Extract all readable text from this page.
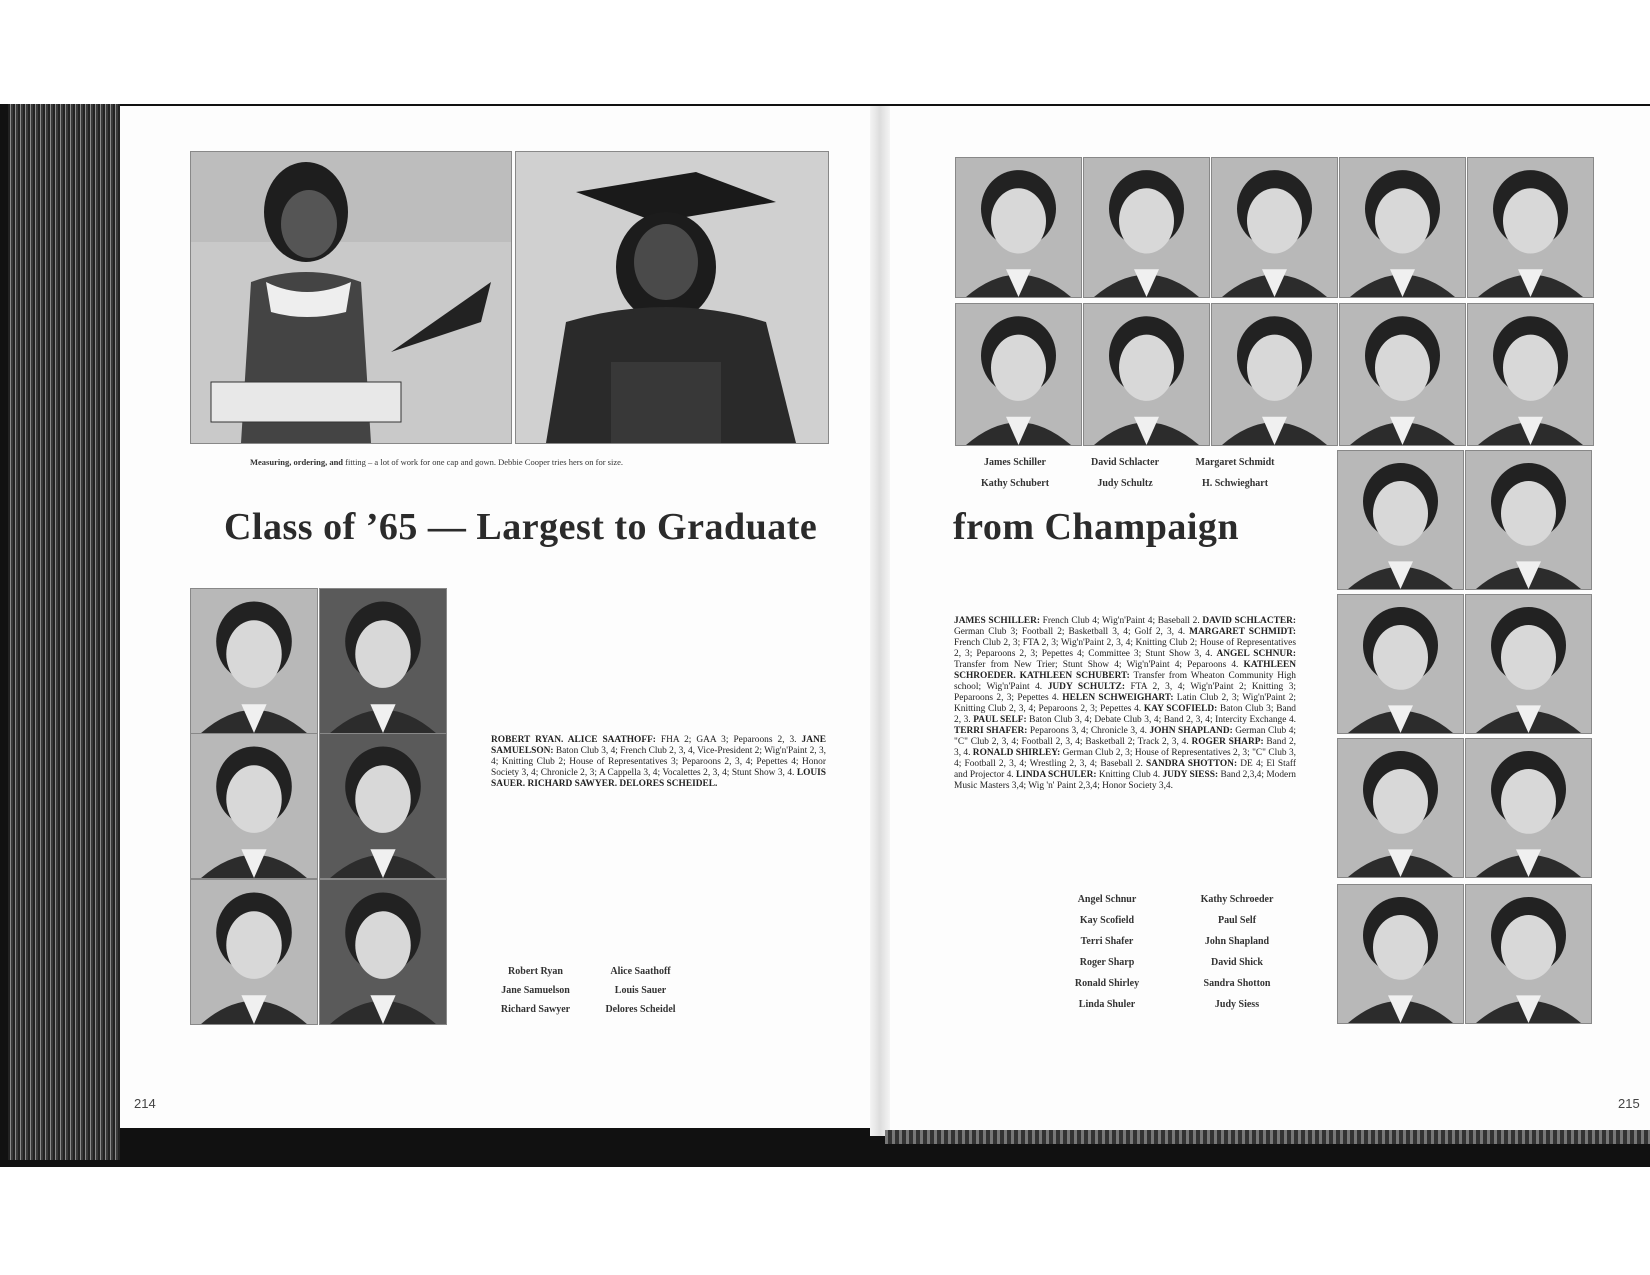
Measuring, ordering, and fitting – a lot of work for one cap and gown. Debbie Cooper tries hers on for size.
Class of ’65 — Largest to Graduate	from Champaign
ROBERT RYAN. ALICE SAATHOFF: FHA 2; GAA 3; Peparoons 2, 3. JANE SAMUELSON: Baton Club 3, 4; French Club 2, 3, 4, Vice-President 2; Wig'n'Paint 2, 3, 4; Knitting Club 2; House of Representatives 3; Peparoons 2, 3, 4; Pepettes 4; Honor Society 3, 4; Chronicle 2, 3; A Cappella 3, 4; Vocalettes 2, 3, 4; Stunt Show 3, 4. LOUIS SAUER. RICHARD SAWYER. DELORES SCHEIDEL.
Robert Ryan	Alice Saathoff
Jane Samuelson	Louis Sauer
Richard Sawyer	Delores Scheidel
214
James Schiller	David Schlacter	Margaret Schmidt
Kathy Schubert	Judy Schultz	H. Schwieghart
JAMES SCHILLER: French Club 4; Wig'n'Paint 4; Baseball 2. DAVID SCHLACTER: German Club 3; Football 2; Basketball 3, 4; Golf 2, 3, 4. MARGARET SCHMIDT: French Club 2, 3; FTA 2, 3; Wig'n'Paint 2, 3, 4; Knitting Club 2; House of Representatives 2, 3; Peparoons 2, 3; Pepettes 4; Committee 3; Stunt Show 3, 4. ANGEL SCHNUR: Transfer from New Trier; Stunt Show 4; Wig'n'Paint 4; Peparoons 4. KATHLEEN SCHROEDER. KATHLEEN SCHUBERT: Transfer from Wheaton Community High school; Wig'n'Paint 4. JUDY SCHULTZ: FTA 2, 3, 4; Wig'n'Paint 2; Knitting 3; Peparoons 2, 3; Pepettes 4. HELEN SCHWEIGHART: Latin Club 2, 3; Wig'n'Paint 2; Knitting Club 2, 3, 4; Peparoons 2, 3; Pepettes 4. KAY SCOFIELD: Baton Club 3; Band 2, 3. PAUL SELF: Baton Club 3, 4; Debate Club 3, 4; Band 2, 3, 4; Intercity Exchange 4. TERRI SHAFER: Peparoons 3, 4; Chronicle 3, 4. JOHN SHAPLAND: German Club 4; "C" Club 2, 3, 4; Football 2, 3, 4; Basketball 2; Track 2, 3, 4. ROGER SHARP: Band 2, 3, 4. RONALD SHIRLEY: German Club 2, 3; House of Representatives 2, 3; "C" Club 3, 4; Football 2, 3, 4; Wrestling 2, 3, 4; Baseball 2. SANDRA SHOTTON: DE 4; El Staff and Projector 4. LINDA SCHULER: Knitting Club 4. JUDY SIESS: Band 2,3,4; Modern Music Masters 3,4; Wig 'n' Paint 2,3,4; Honor Society 3,4.
Angel Schnur	Kathy Schroeder
Kay Scofield	Paul Self
Terri Shafer	John Shapland
Roger Sharp	David Shick
Ronald Shirley	Sandra Shotton
Linda Shuler	Judy Siess
215
